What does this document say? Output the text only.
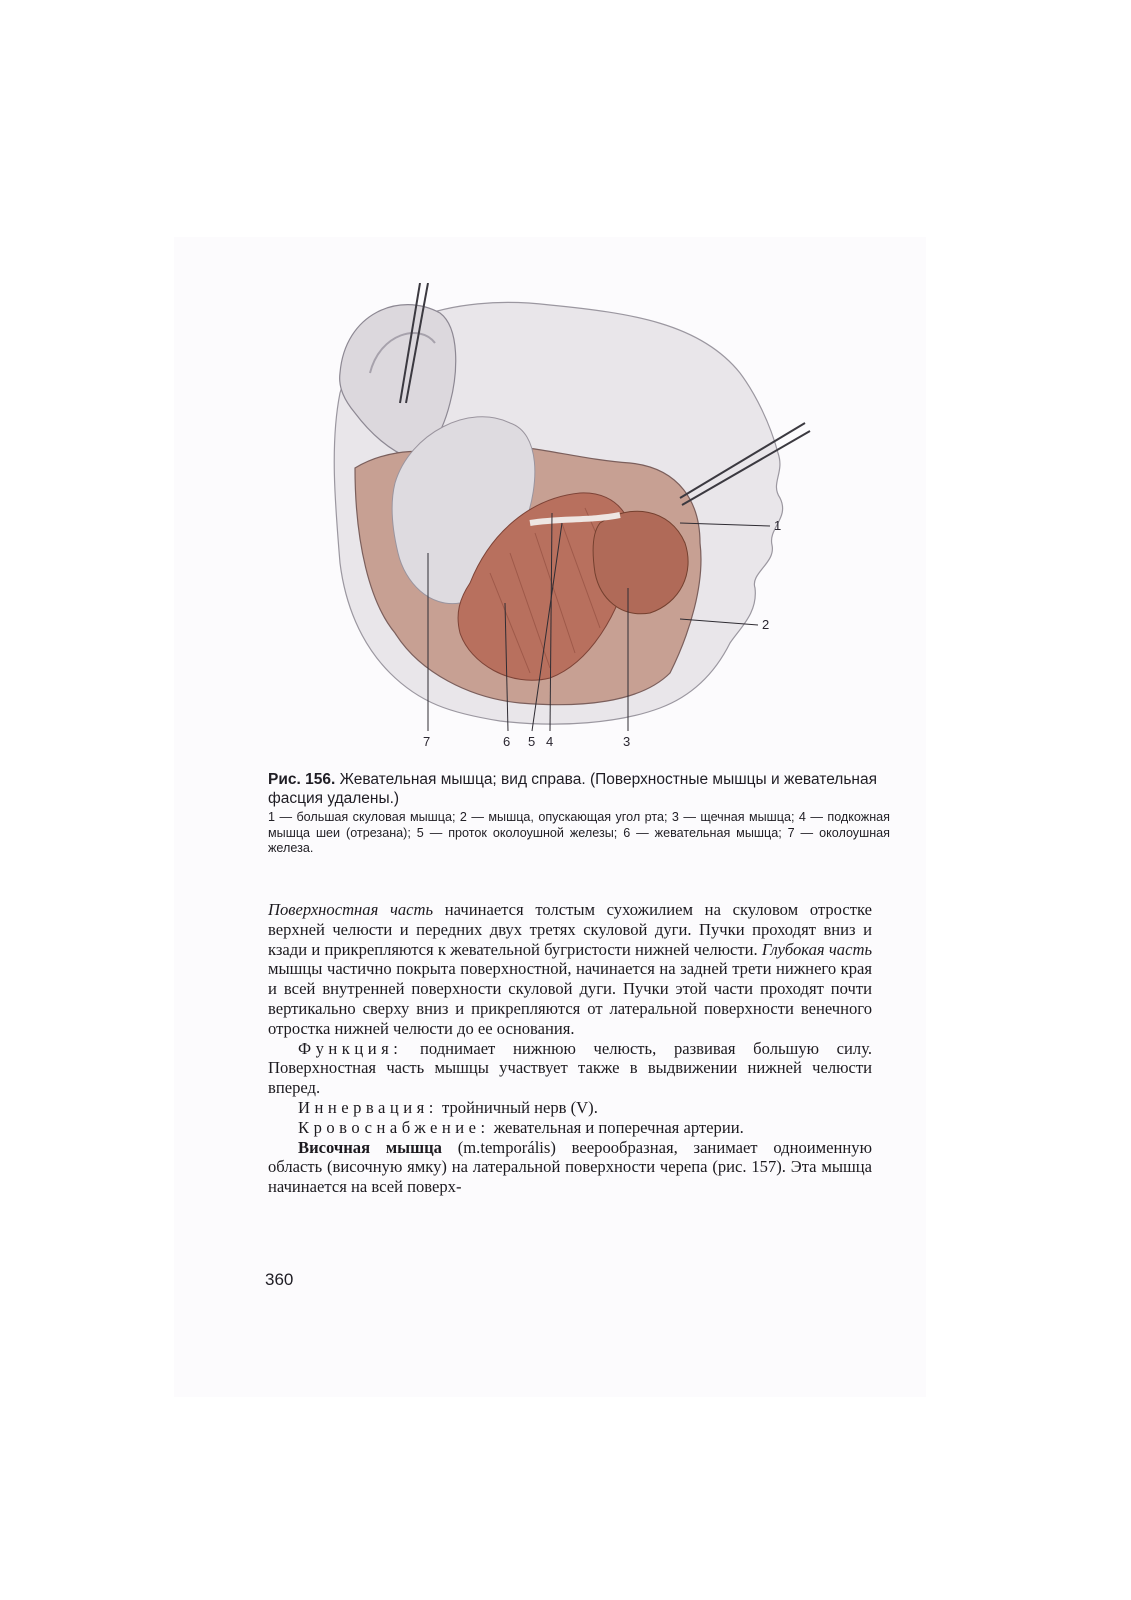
1
2
3
4
5
6
7

Рис. 156. Жевательная мышца; вид справа. (Поверхностные мышцы и жевательная фасция удалены.)

1 — большая скуловая мышца; 2 — мышца, опускающая угол рта; 3 — щечная мышца; 4 — подкожная мышца шеи (отрезана); 5 — проток околоушной железы; 6 — жевательная мышца; 7 — околоушная железа.

Поверхностная часть начинается толстым сухожилием на скуловом отростке верхней челюсти и передних двух третях скуловой дуги. Пучки проходят вниз и кзади и прикрепляются к жевательной бугристости нижней челюсти. Глубокая часть мышцы частично покрыта поверхностной, начинается на задней трети нижнего края и всей внутренней поверхности скуловой дуги. Пучки этой части проходят почти вертикально сверху вниз и прикрепляются от латеральной поверхности венечного отростка нижней челюсти до ее основания.

Функция: поднимает нижнюю челюсть, развивая большую силу. Поверхностная часть мышцы участвует также в выдвижении нижней челюсти вперед.

Иннервация: тройничный нерв (V).

Кровоснабжение: жевательная и поперечная артерии.

Височная мышца (m.temporális) веерообразная, занимает одноименную область (височную ямку) на латеральной поверхности черепа (рис. 157). Эта мышца начинается на всей поверх-

360
